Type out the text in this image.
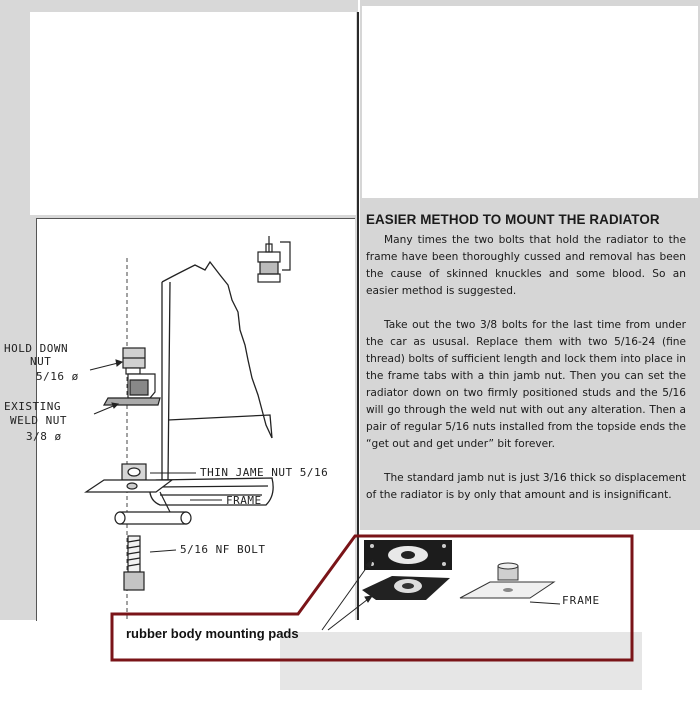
EASIER METHOD TO MOUNT THE RADIATOR

Many times the two bolts that hold the radiator to the frame have been thoroughly cussed and removal has been the cause of skinned knuckles and some blood. So an easier method is suggested.

Take out the two 3/8 bolts for the last time from under the car as ususal. Replace them with two 5/16-24 (fine thread) bolts of sufficient length and lock them into place in the frame tabs with a thin jamb nut. Then you can set the radiator down on two firmly positioned studs and the 5/16 will go through the weld nut with out any alteration. Then a pair of regular 5/16 nuts installed from the topside ends the “get out and get under” bit forever.

The standard jamb nut is just 3/16 thick so displacement of the radiator is by only that amount and is insignificant.

HOLD DOWN
NUT
5/16 ø
EXISTING
WELD NUT
3/8 ø
THIN JAME NUT 5/16
FRAME
5/16 NF BOLT
rubber body mounting pads
FRAME
